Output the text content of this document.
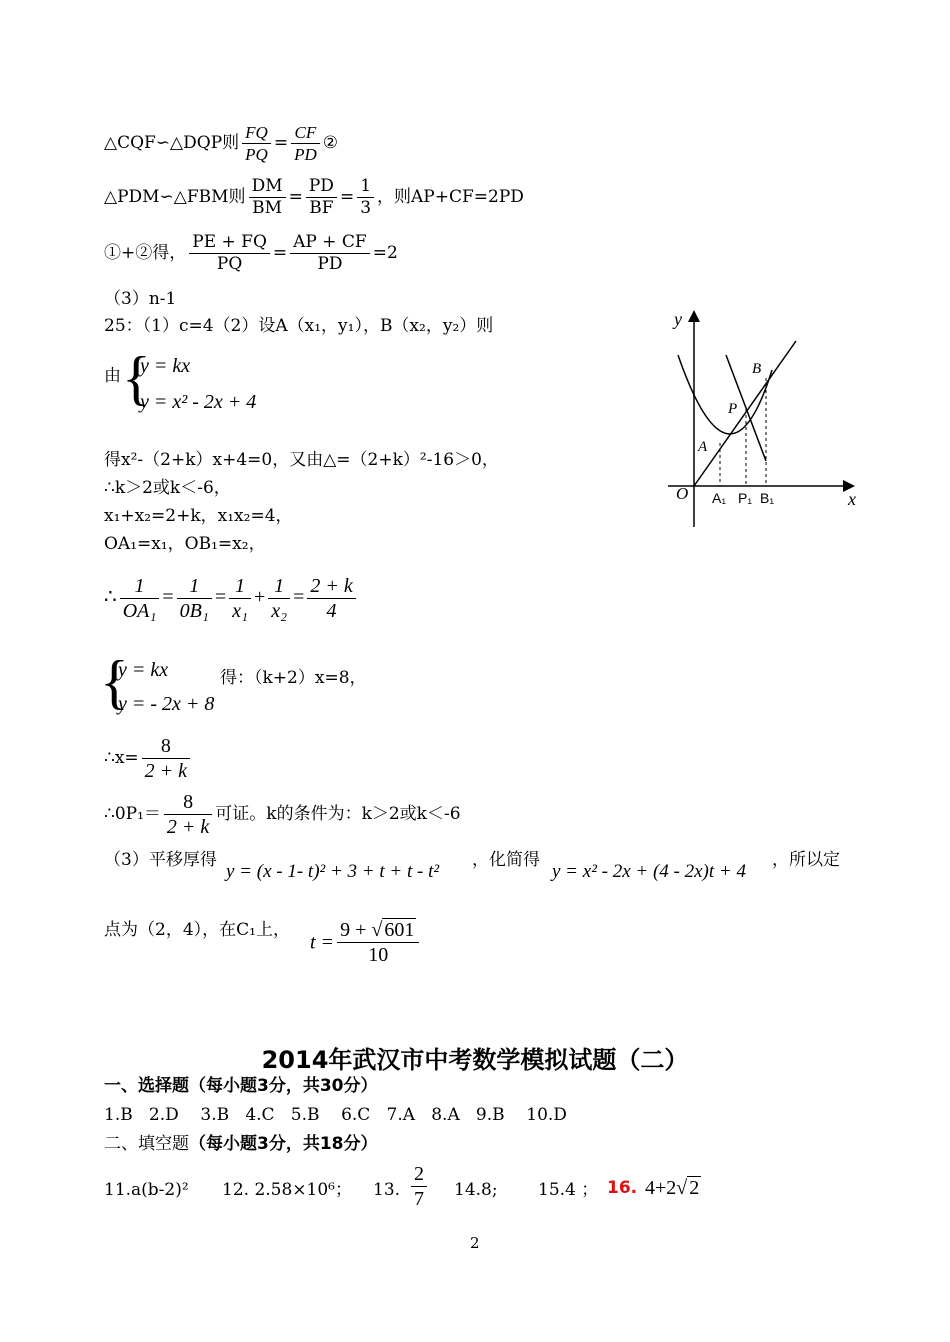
△CQF∽△DQP则 $\frac{FQ}{PQ} = \frac{CF}{PD}$ ②
△PDM∽△FBM则 $\frac{DM}{BM} = \frac{PD}{BF} = \frac{1}{3}$ ，则AP+CF=2PD
①+②得， $\frac{PE + FQ}{PQ} = \frac{AP + CF}{PD} =2$
（3）n-1
25：（1）c=4（2）设A（x₁，y₁），B（x₂，y₂）则
由 {
y = kx
y = x² - 2x + 4
得x²-（2+k）x+4=0，又由△=（2+k）²-16＞0，
∴k＞2或k＜-6，
x₁+x₂=2+k，x₁x₂=4，
OA₁=x₁，OB₁=x₂，
∴ $\frac{1}{\text{OA₁}} = \frac{1}{\text{0B₁}} = \frac{1}{\text{x₁}} + \frac{1}{\text{x₂}} = \frac{2 + k}{4}$
{
y = kx
y = - 2x + 8
得：（k+2）x=8，
∴x= $\frac{8}{2 + k}$
∴0P₁＝ $\frac{8}{2 + k}$ 可证。k的条件为：k＞2或k＜-6
（3）平移厚得
y = (x - 1- t)² + 3 + t + t - t²
，化简得
y = x² - 2x + (4 - 2x)t + 4
，所以定
点为（2，4），在C₁上，
$t = \frac{9 + √ 601}{10}$
y
x
O
A
P
B
A₁ P₁ B₁
2014年武汉市中考数学模拟试题（二）
一、选择题（每小题3分，共30分）
1.B   2.D    3.B   4.C   5.B    6.C   7.A   8.A   9.B    10.D
二、填空题（每小题3分，共18分）
11.a(b-2)² 12. 2.58×10⁶； 13. $\frac{2}{7} 14.8$; 15.4 ； 16. 4+2√ 2
2
